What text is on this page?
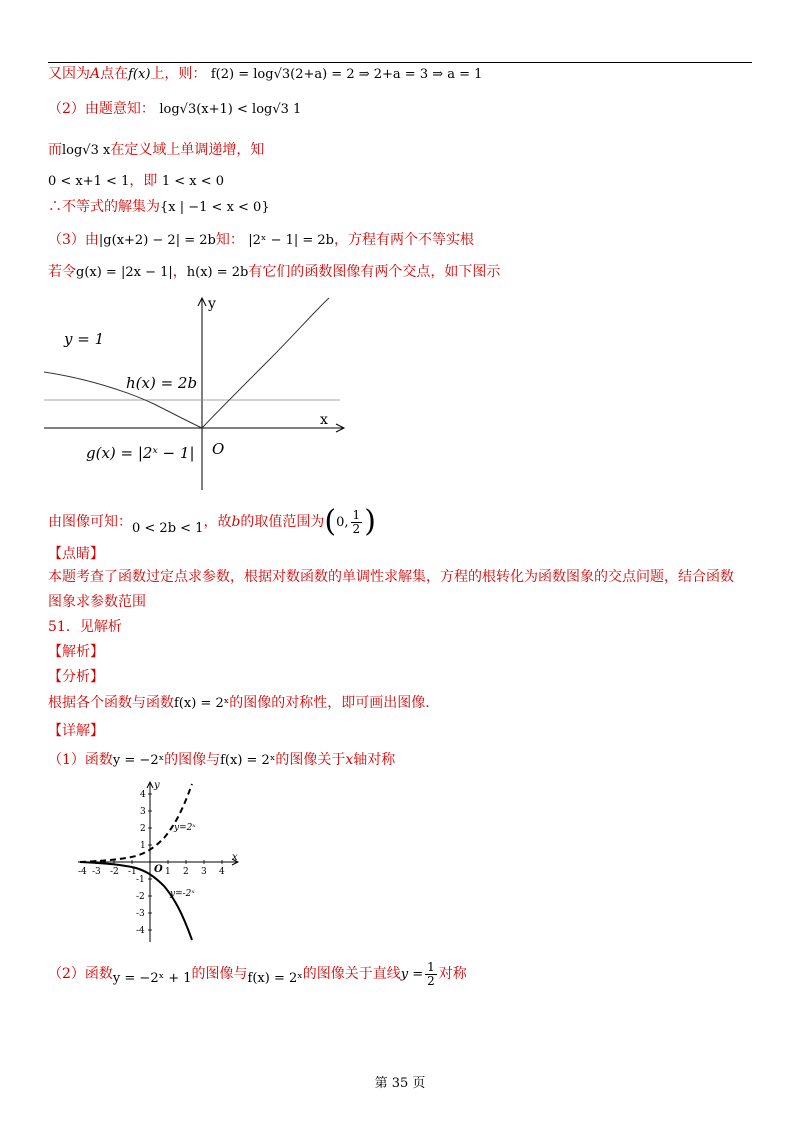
又因为A点在f(x)上，则： f(2) = log√3(2+a) = 2 ⇒ 2+a = 3 ⇒ a = 1
（2）由题意知： log√3(x+1) < log√3 1
而log√3 x在定义域上单调递增，知
0 < x+1 < 1，即 1 < x < 0
∴不等式的解集为{x | −1 < x < 0}
（3）由|g(x+2) − 2| = 2b知： |2ˣ − 1| = 2b，方程有两个不等实根
若令g(x) = |2x − 1|，h(x) = 2b有它们的函数图像有两个交点，如下图示
y = 1
h(x) = 2b
g(x) = |2ˣ − 1| O
x
y
由图像可知：0 < 2b < 1，故b的取值范围为(0, $\frac{1}{2}$ )
【点睛】
本题考查了函数过定点求参数，根据对数函数的单调性求解集，方程的根转化为函数图象的交点问题，结合函数
图象求参数范围
51．见解析
【解析】
【分析】
根据各个函数与函数f(x) = 2ˣ的图像的对称性，即可画出图像.
【详解】
（1）函数y = −2ˣ的图像与f(x) = 2ˣ的图像关于x轴对称
-4 -3 -2 -1	1 2 3 4
4
3
2
1
-1
-2
-3
-4
O
x
y
y=2ˣ
y=-2ˣ
（2）函数y = −2ˣ + 1的图像与f(x) = 2ˣ的图像关于直线$y = \frac{1}{2}$ 对称
第 35 页
